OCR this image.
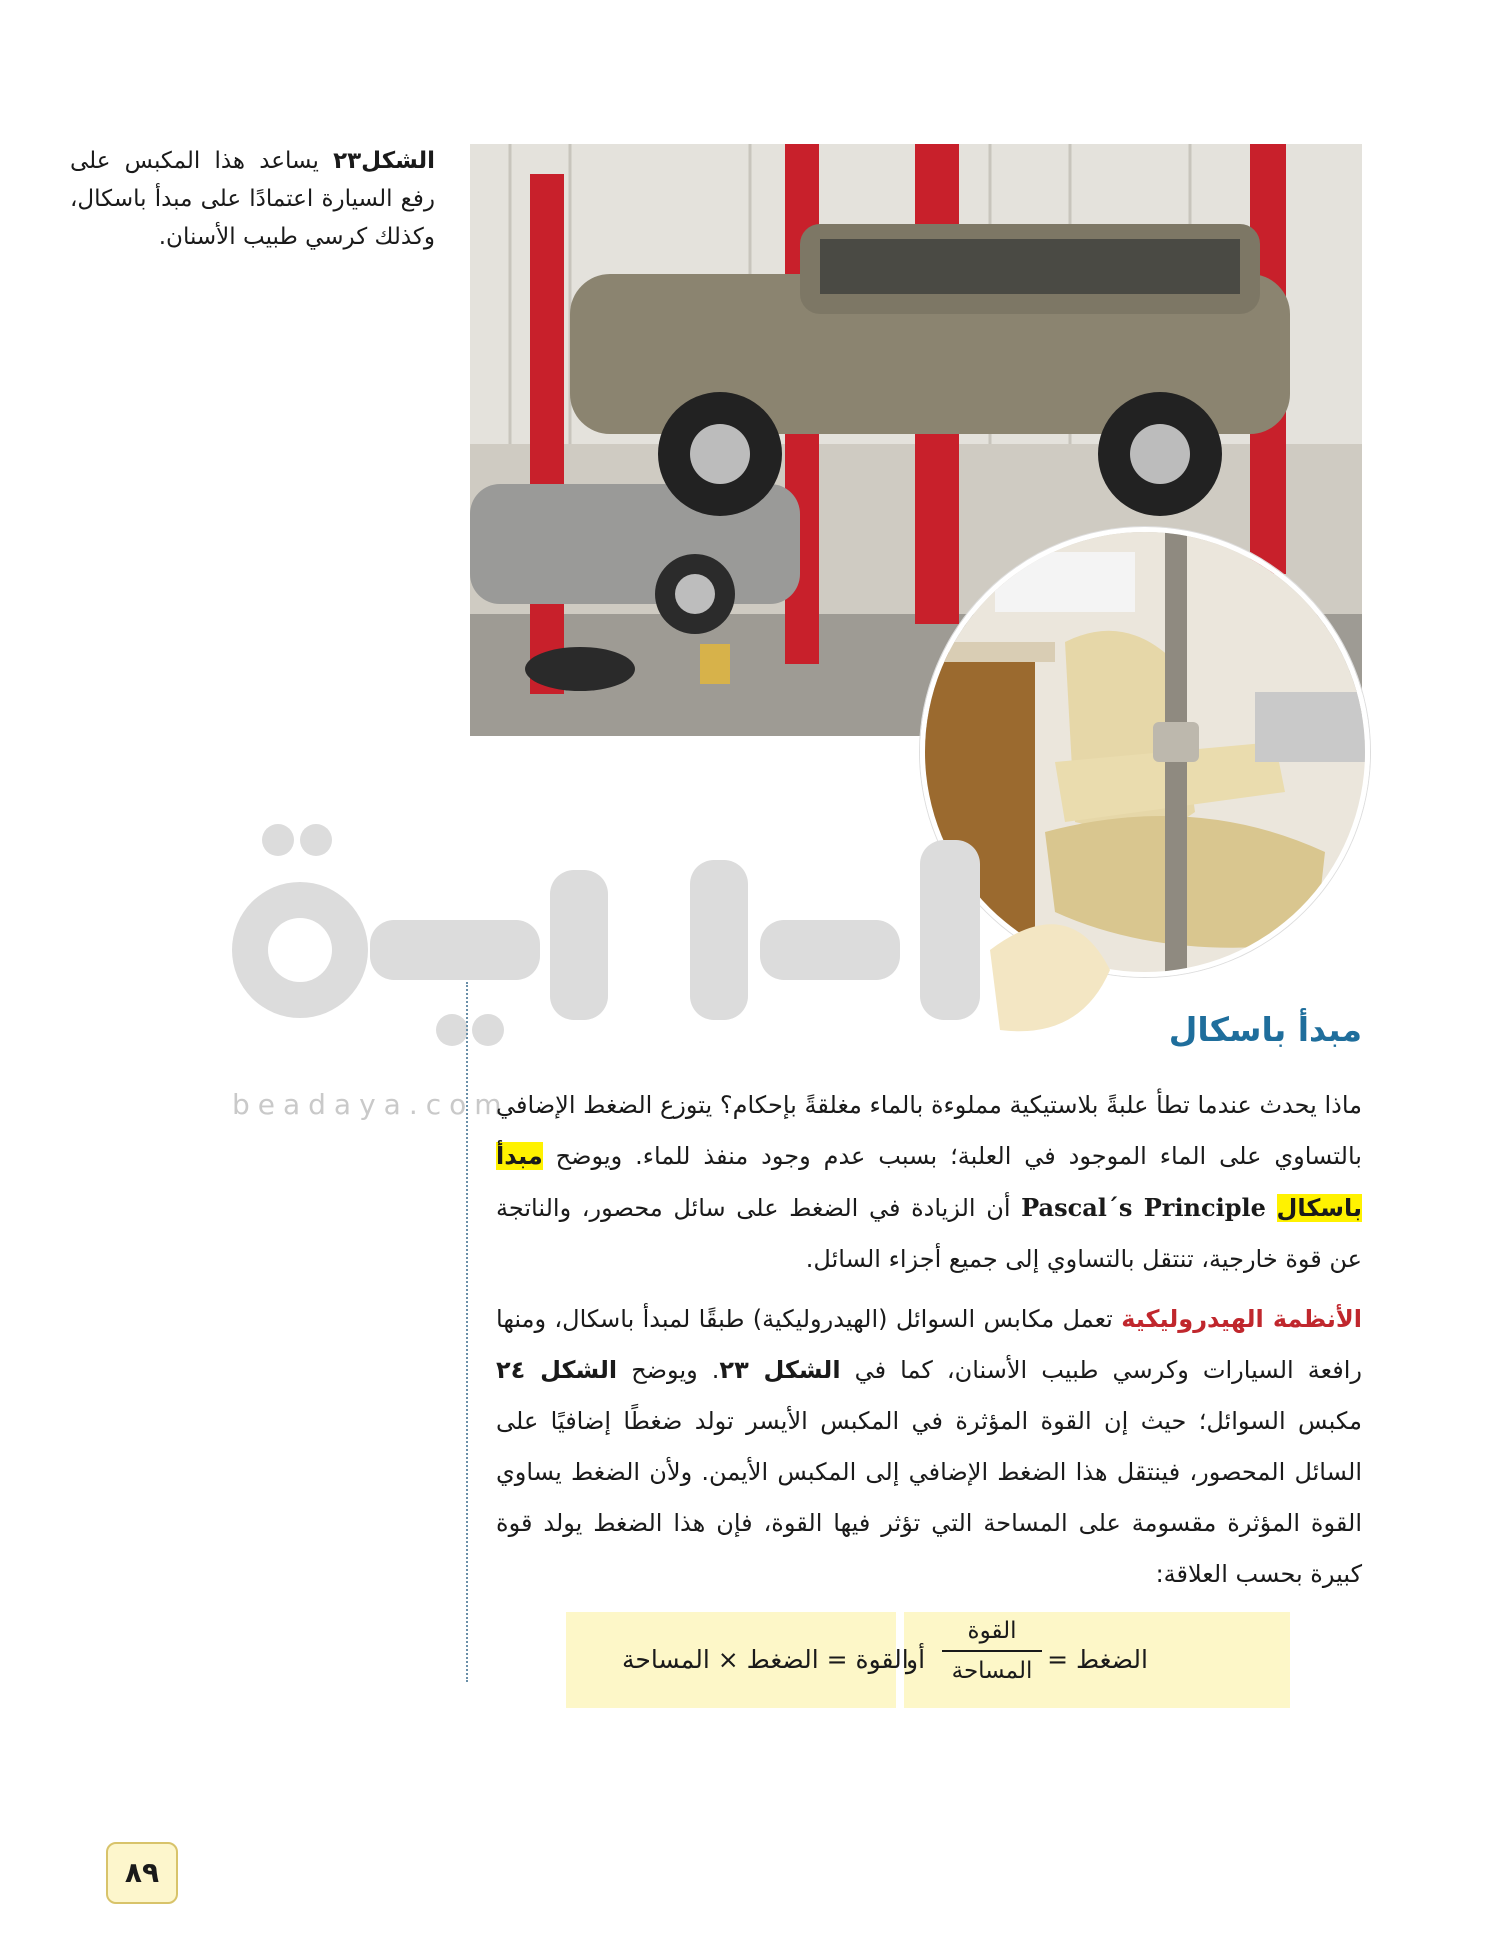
الشكل٢٣ يساعد هذا المكبس على رفع السيارة اعتمادًا على مبدأ باسكال، وكذلك كرسي طبيب الأسنان.
beadaya.com
مبدأ باسكال
ماذا يحدث عندما تطأ علبةً بلاستيكية مملوءة بالماء مغلقةً بإحكام؟ يتوزع الضغط الإضافي بالتساوي على الماء الموجود في العلبة؛ بسبب عدم وجود منفذ للماء. ويوضح مبدأ باسكال Pascal´s Principle أن الزيادة في الضغط على سائل محصور، والناتجة عن قوة خارجية، تنتقل بالتساوي إلى جميع أجزاء السائل.
الأنظمة الهيدروليكية تعمل مكابس السوائل (الهيدروليكية) طبقًا لمبدأ باسكال، ومنها رافعة السيارات وكرسي طبيب الأسنان، كما في الشكل ٢٣. ويوضح الشكل ٢٤ مكبس السوائل؛ حيث إن القوة المؤثرة في المكبس الأيسر تولد ضغطًا إضافيًا على السائل المحصور، فينتقل هذا الضغط الإضافي إلى المكبس الأيمن. ولأن الضغط يساوي القوة المؤثرة مقسومة على المساحة التي تؤثر فيها القوة، فإن هذا الضغط يولد قوة كبيرة بحسب العلاقة:
الضغط =
القوة
المساحة
أو
القوة = الضغط × المساحة
٨٩
